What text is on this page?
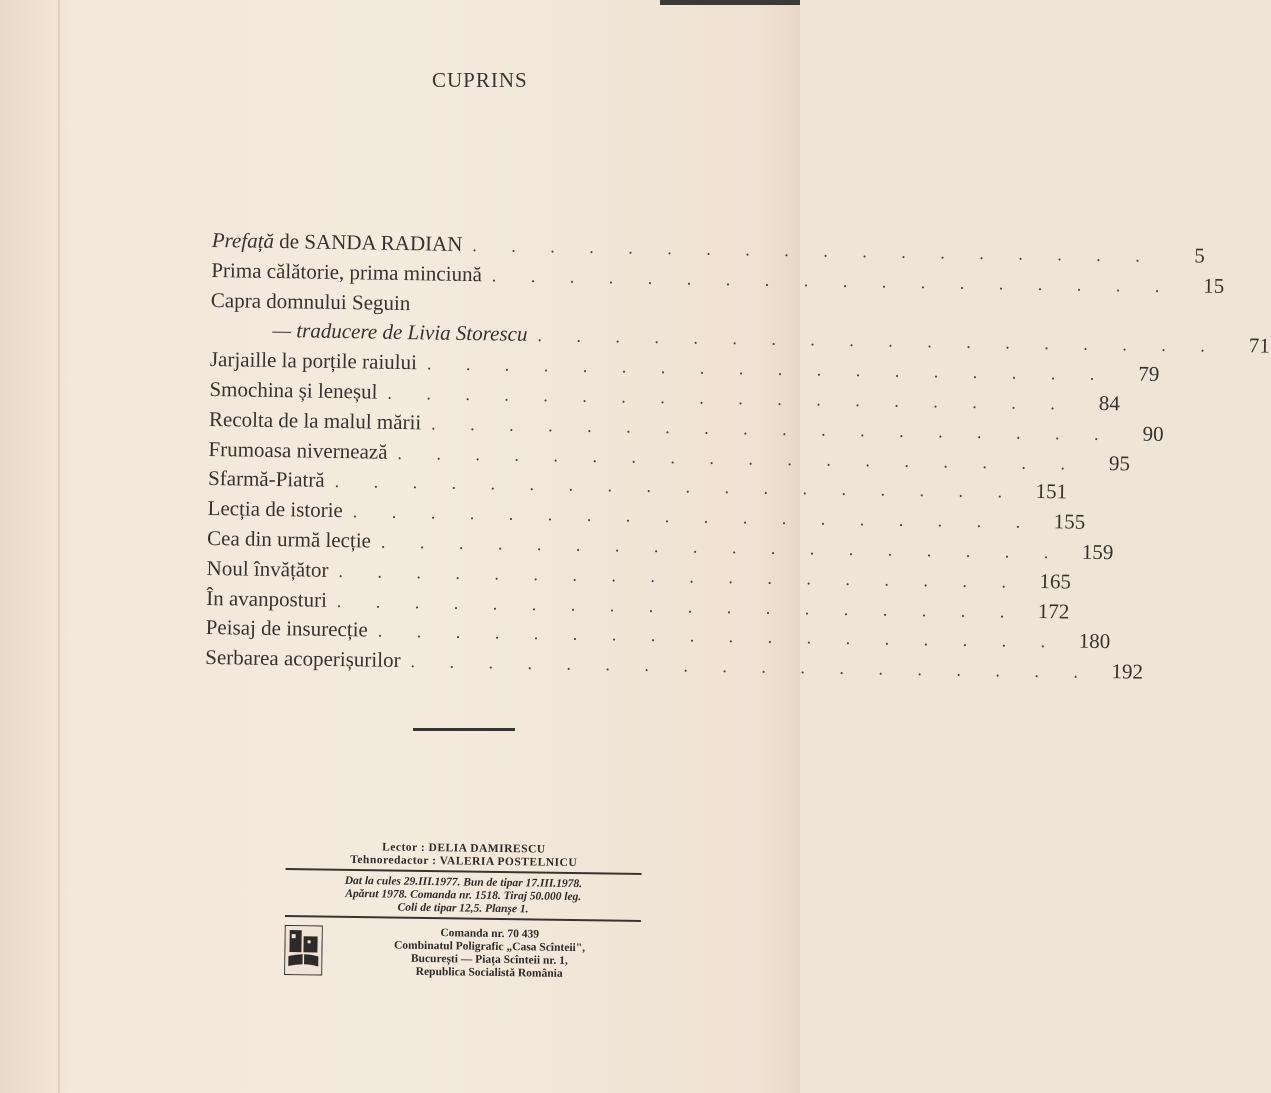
CUPRINS
Prefață de SANDA RADIAN . . . . . . . . . . . . . . . . . .	5
Prima călătorie, prima minciună . . . . . . . . . . . . . . . . . .	15
Capra domnului Seguin
— traducere de Livia Storescu . . . . . . . . . . . . . . . . . .	71
Jarjaille la porțile raiului . . . . . . . . . . . . . . . . . .	79
Smochina și leneșul . . . . . . . . . . . . . . . . . .	84
Recolta de la malul mării . . . . . . . . . . . . . . . . . .	90
Frumoasa nivernează . . . . . . . . . . . . . . . . . .	95
Sfarmă-Piatră . . . . . . . . . . . . . . . . . . 151
Lecția de istorie . . . . . . . . . . . . . . . . . . 155
Cea din urmă lecție . . . . . . . . . . . . . . . . . . 159
Noul învățător . . . . . . . . . . . . . . . . . . 165
În avanposturi . . . . . . . . . . . . . . . . . . 172
Peisaj de insurecție . . . . . . . . . . . . . . . . . . 180
Serbarea acoperișurilor . . . . . . . . . . . . . . . . . . 192
Lector : DELIA DAMIRESCU
Tehnoredactor : VALERIA POSTELNICU
Dat la cules 29.III.1977. Bun de tipar 17.III.1978.
Apărut 1978. Comanda nr. 1518. Tiraj 50.000 leg.
Coli de tipar 12,5. Planșe 1.
Comanda nr. 70 439
Combinatul Poligrafic „Casa Scînteii",
București — Piața Scînteii nr. 1,
Republica Socialistă România
